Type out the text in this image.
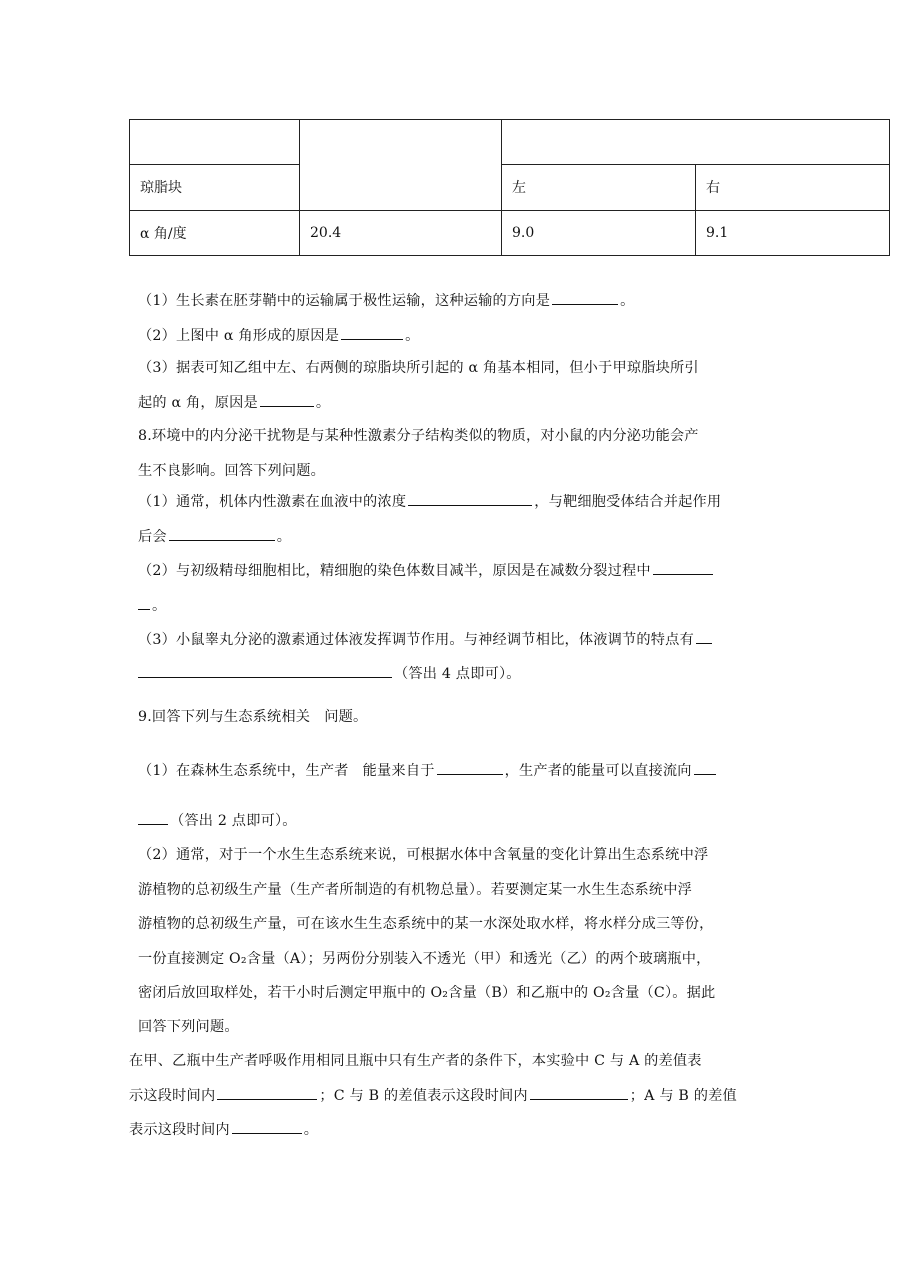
琼脂块		左	右
α 角/度	20.4	9.0	9.1
（1）生长素在胚芽鞘中的运输属于极性运输，这种运输的方向是	。
（2）上图中 α 角形成的原因是	。
（3）据表可知乙组中左、右两侧的琼脂块所引起的 α 角基本相同，但小于甲琼脂块所引
起的 α 角，原因是	。
8.环境中的内分泌干扰物是与某种性激素分子结构类似的物质，对小鼠的内分泌功能会产
生不良影响。回答下列问题。
（1）通常，机体内性激素在血液中的浓度	，与靶细胞受体结合并起作用
后会	。
（2）与初级精母细胞相比，精细胞的染色体数目减半，原因是在减数分裂过程中
。
（3）小鼠睾丸分泌的激素通过体液发挥调节作用。与神经调节相比，体液调节的特点有
（答出 4 点即可）。
9.回答下列与生态系统相关 问题。
（1）在森林生态系统中，生产者 能量来自于	，生产者的能量可以直接流向
（答出 2 点即可）。
（2）通常，对于一个水生生态系统来说，可根据水体中含氧量的变化计算出生态系统中浮
游植物的总初级生产量（生产者所制造的有机物总量）。若要测定某一水生生态系统中浮
游植物的总初级生产量，可在该水生生态系统中的某一水深处取水样，将水样分成三等份，
一份直接测定 O₂含量（A）；另两份分别装入不透光（甲）和透光（乙）的两个玻璃瓶中，
密闭后放回取样处，若干小时后测定甲瓶中的 O₂含量（B）和乙瓶中的 O₂含量（C）。据此
回答下列问题。
在甲、乙瓶中生产者呼吸作用相同且瓶中只有生产者的条件下，本实验中 C 与 A 的差值表
示这段时间内	；C 与 B 的差值表示这段时间内	；A 与 B 的差值
表示这段时间内	。
